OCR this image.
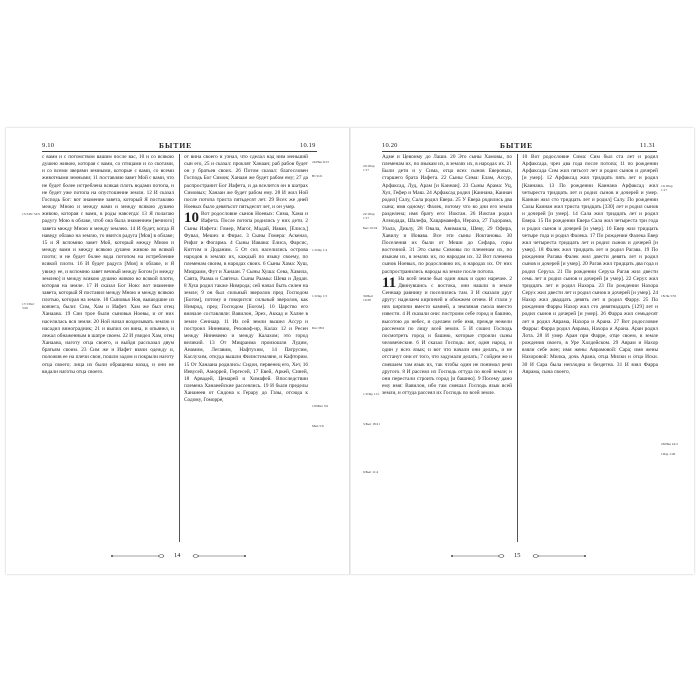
9.10	БЫТИЕ	10.19
15/3:Ис 54:9
17/1:Пет 3:20

с вами и с потомством вашим после вас, 10 и со всякою душею живою, которая с вами, со птицами и со скотами, и со всеми зверями земными, которые с вами, со всеми животными земными; 11 поставляю завет Мой с вами, что не будет более истреблена всякая плоть водами потопа, и не будет уже потопа на опустошение земли. 12 И сказал Господь Бог: вот знамение завета, который Я поставляю между Мною и между вами и между всякою душею живою, которая с вами, в роды навсегда: 13 Я полагаю радугу Мою в облаке, чтоб она была знамением [вечного] завета между Мною и между землею. 14 И будет, когда Я наведу облако на землю, то явится радуга [Моя] в облаке; 15 и Я вспомню завет Мой, который между Мною и между вами и между всякою душею живою во всякой плоти; и не будет более вода потопом на истребление всякой плоти. 16 И будет радуга [Моя] в облаке, и Я увижу ее, и вспомню завет вечный между Богом [и между землею] и между всякою душею живою во всякой плоти, которая на земле. 17 И сказал Бог Ною: вот знамение завета, который Я поставил между Мною и между всякою плотью, которая на земле. 18 Сыновья Ноя, вышедшие из ковчега, были: Сим, Хам и Иафет. Хам же был отец Ханаана. 19 Сии трое были сыновья Ноевы, и от них населилась вся земля. 20 Ной начал возделывать землю и насадил виноградник; 21 и выпил он вина, и опьянел, и лежал обнаженным в шатре своем. 22 И увидел Хам, отец Ханаана, наготу отца своего, и выйдя рассказал двум братьям своим. 23 Сим же и Иафет взяли одежду и, положив ее на плечи свои, пошли задом и покрыли наготу отца своего; лица их были обращены назад, и они не видали наготы отца своего.

24/Нав 9:23
Вт 9:21
1/1Пар 1:4
1/1Пар 1:5
Иез 38:2
10/Мих 5:6
Мих 5:6

от вина своего и узнал, что сделал над ним меньший сын его, 25 и сказал: проклят Ханаан; раб рабов будет он у братьев своих. 26 Потом сказал: благословен Господь Бог Симов; Ханаан же будет рабом ему; 27 да распространит Бог Иафета, и да вселится он в шатрах Симовых; Ханаан же будет рабом ему. 28 И жил Ной после потопа триста пятьдесят лет. 29 Всех же дней Ноевых было девятьсот пятьдесят лет, и он умер.

10 Вот родословие сынов Ноевых: Сима, Хама и Иафета. После потопа родились у них дети. 2 Сыны Иафета: Гомер, Магог, Мадай, Иаван, [Елиса,] Фувал, Мешех и Фирас. 3 Сыны Гомера: Аскеназ, Рифат и Фогарма. 4 Сыны Иавана: Елиса, Фарсис, Киттим и Доданим. 5 От сих населились острова народов в землях их, каждый по языку своему, по племенам своим, в народах своих. 6 Сыны Хама: Хуш, Мицраим, Фут и Ханаан. 7 Сыны Хуша: Сева, Хавила, Савта, Раама и Савтеха. Сыны Раамы: Шева и Дедан. 8 Хуш родил также Нимрода; сей начал быть силен на земле; 9 он был сильный зверолов пред Господом [Богом], потому и говорится: сильный зверолов, как Нимрод, пред Господом [Богом]. 10 Царство его вначале составляли: Вавилон, Эрех, Аккад и Халне в земле Сеннаар. 11 Из сей земли вышел Ассур и построил Ниневию, Реховоф-ир, Калах 12 и Ресен между Ниневиею и между Калахом; это город великий. 13 От Мицраима произошли Лудим, Анамим, Легавим, Нафтухим, 14 Патрусим, Каслухим, откуда вышли Филистимляне, и Кафторим. 15 От Ханаана родились: Сидон, первенец его, Хет, 16 Иевусей, Аморрей, Гергесей, 17 Евей, Аркей, Синей, 18 Арвадей, Цемарей и Химафей. Впоследствии племена Хананейские рассеялись. 19 И были пределы Хананеев от Сидона к Герару до Газы, отсюда к Содому, Гоморре,

14
10.20	БЫТИЕ	11.31
20/1Пар 1:17
22/1Пар 1:17
Быт 10:24
30/Быт 10:28
1/1Пар 11:1
5/Быт 18:21
9/Быт 11:4

Адме и Цевоиму до Лаши. 20 Это сыны Хамовы, по племенам их, по языкам их, в землях их, в народах их. 21 Были дети и у Сима, отца всех сынов Еверовых, старшего брата Иафета. 22 Сыны Сима: Елам, Ассур, Арфаксад, Луд, Арам [и Каинан]. 23 Сыны Арама: Уц, Хул, Гефер и Маш. 24 Арфаксад родил [Каинана, Каинан родил] Салу, Сала родил Евера. 25 У Евера родились два сына; имя одному: Фалек, потому что во дни его земля разделена; имя брату его: Иоктан. 26 Иоктан родил Алмодада, Шалефа, Хацармавефа, Иераха, 27 Гадорама, Узала, Диклу, 28 Овала, Авимаила, Шеву, 29 Офира, Хавилу и Иовава. Все эти сыны Иоктановы. 30 Поселения их были от Меши до Сефара, горы восточной. 31 Это сыны Симовы по племенам их, по языкам их, в землях их, по народам их. 32 Вот племена сынов Ноевых, по родословию их, в народах их. От них распространились народы на земле после потопа.

11 На всей земле был один язык и одно наречие. 2 Двинувшись с востока, они нашли в земле Сеннаар равнину и поселились там. 3 И сказали друг другу: наделаем кирпичей и обожжем огнем. И стали у них кирпичи вместо камней, а земляная смола вместо извести. 4 И сказали они: построим себе город и башню, высотою до небес, и сделаем себе имя, прежде нежели рассеемся по лицу всей земли. 5 И сошел Господь посмотреть город и башню, которые строили сыны человеческие. 6 И сказал Господь: вот, один народ, и один у всех язык; и вот что начали они делать, и не отстанут они от того, что задумали делать; 7 сойдем же и смешаем там язык их, так чтобы один не понимал речи другого. 8 И рассеял их Господь оттуда по всей земле; и они перестали строить город [и башню]. 9 Посему дано ему имя: Вавилон, ибо там смешал Господь язык всей земли, и оттуда рассеял их Господь по всей земле.

10 Вот родословие Сима: Сим был ста лет и родил Арфаксада, чрез два года после потопа; 11 по рождении Арфаксада Сим жил пятьсот лет и родил сынов и дочерей [и умер]. 12 Арфаксад жил тридцать пять лет и родил [Каинана. 13 По рождении Каинана Арфаксад жил четыреста тридцать лет и родил сынов и дочерей и умер. Каинан жил сто тридцать лет и родил] Салу. По рождении Салы Каинан жил триста тридцать [330] лет и родил сынов и дочерей [и умер]. 14 Сала жил тридцать лет и родил Евера. 15 По рождении Евера Сала жил четыреста три года и родил сынов и дочерей [и умер]. 16 Евер жил тридцать четыре года и родил Фалека. 17 По рождении Фалека Евер жил четыреста тридцать лет и родил сынов и дочерей [и умер]. 18 Фалек жил тридцать лет и родил Рагава. 19 По рождении Рагава Фалек жил двести девять лет и родил сынов и дочерей [и умер]. 20 Рагав жил тридцать два года и родил Серуха. 21 По рождении Серуха Рагав жил двести семь лет и родил сынов и дочерей [и умер]. 22 Серух жил тридцать лет и родил Нахора. 23 По рождении Нахора Серух жил двести лет и родил сынов и дочерей [и умер]. 24 Нахор жил двадцать девять лет и родил Фарру. 25 По рождении Фарры Нахор жил сто девятнадцать [129] лет и родил сынов и дочерей [и умер]. 26 Фарра жил семьдесят лет и родил Аврама, Нахора и Арана. 27 Вот родословие Фарры: Фарра родил Аврама, Нахора и Арана. Аран родил Лота. 28 И умер Аран при Фарре, отце своем, в земле рождения своего, в Уре Халдейском. 29 Аврам и Нахор взяли себе жен; имя жены Аврамовой: Сара; имя жены Нахоровой: Милка, дочь Арана, отца Милки и отца Иски. 30 И Сара была неплодна и бездетна. 31 И взял Фарра Аврама, сына своего,

10/1Пар 1:17
18/Лк 3:35
26/Нав 24:2
1Пар 1:26
15
